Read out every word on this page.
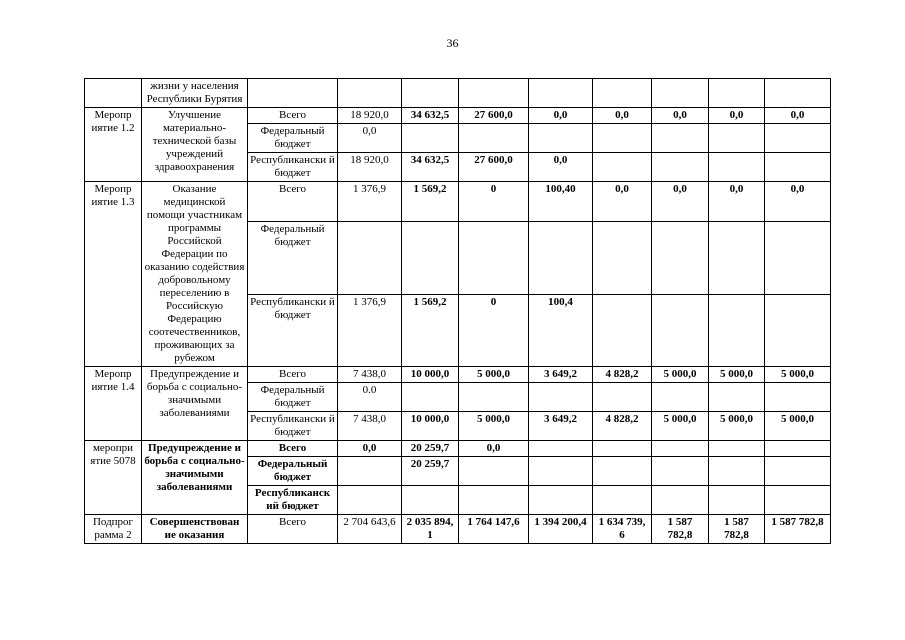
36
	жизни у населения Республики Бурятия									
Меропр иятие 1.2	Улучшение материально-технической базы учреждений здравоохранения	Всего	18 920,0	34 632,5	27 600,0	0,0	0,0	0,0	0,0	0,0
		Федеральный бюджет	0,0							
		Республикански й бюджет	18 920,0	34 632,5	27 600,0	0,0				
Меропр иятие 1.3	Оказание медицинской помощи участникам программы Российской Федерации по оказанию содействия добровольному переселению в Российскую Федерацию соотечественников, проживающих за рубежом	Всего	1 376,9	1 569,2	0	100,40	0,0	0,0	0,0	0,0
		Федеральный бюджет								
		Республикански й бюджет	1 376,9	1 569,2	0	100,4				
Меропр иятие 1.4	Предупреждение и борьба с социально-значимыми заболеваниями	Всего	7 438,0	10 000,0	5 000,0	3 649,2	4 828,2	5 000,0	5 000,0	5 000,0
		Федеральный бюджет	0.0							
		Республикански й бюджет	7 438,0	10 000,0	5 000,0	3 649,2	4 828,2	5 000,0	5 000,0	5 000,0
меропри ятие 5078	Предупреждение и борьба с социально-значимыми заболеваниями	Всего	0,0	20 259,7	0,0					
		Федеральный бюджет		20 259,7						
		Республиканск ий бюджет								
Подпрог рамма 2	Совершенствован ие оказания	Всего	2 704 643,6	2 035 894, 1	1 764 147,6	1 394 200,4	1 634 739, 6	1 587 782,8	1 587 782,8	1 587 782,8
